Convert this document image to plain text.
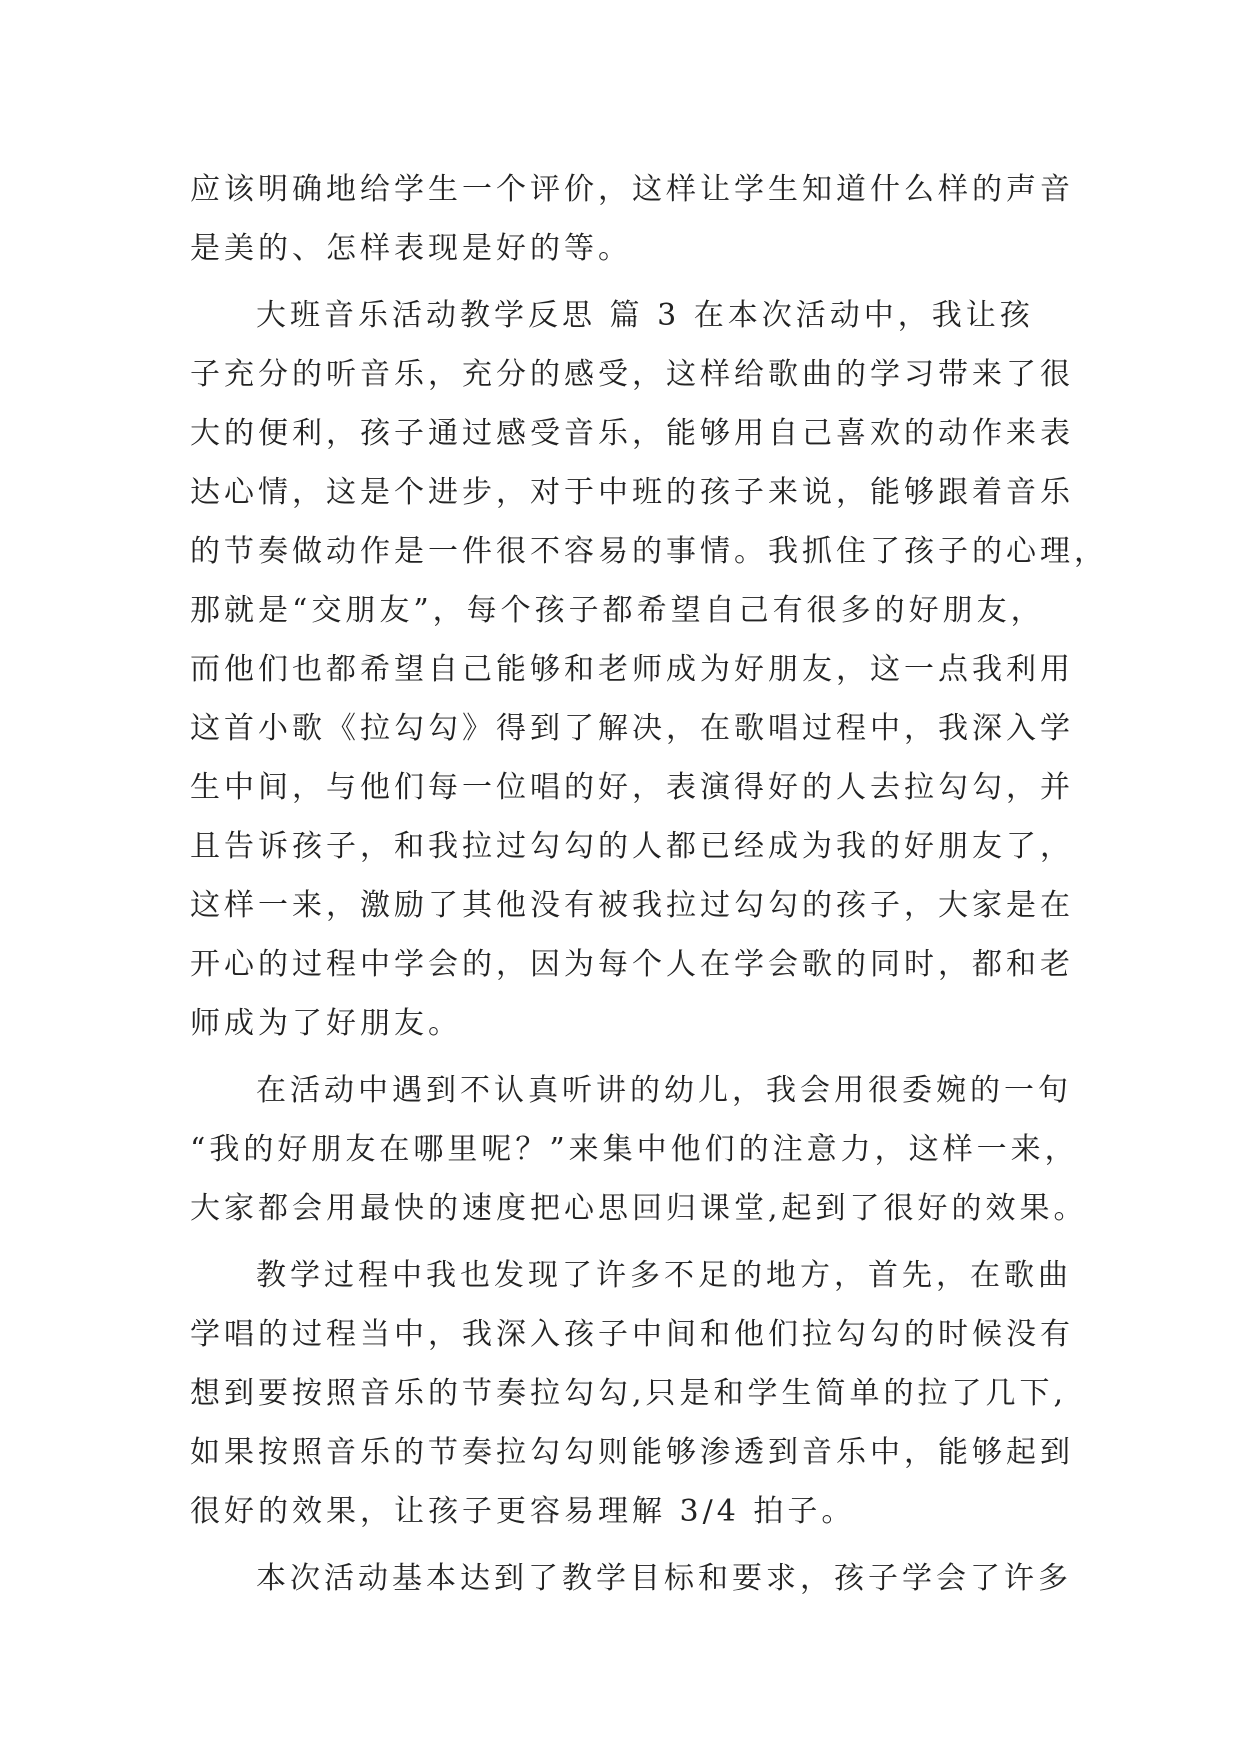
应该明确地给学生一个评价，这样让学生知道什么样的声音
是美的、怎样表现是好的等。
大班音乐活动教学反思 篇 3 在本次活动中，我让孩
子充分的听音乐，充分的感受，这样给歌曲的学习带来了很
大的便利，孩子通过感受音乐，能够用自己喜欢的动作来表
达心情，这是个进步，对于中班的孩子来说，能够跟着音乐
的节奏做动作是一件很不容易的事情。我抓住了孩子的心理，
那就是“交朋友”，每个孩子都希望自己有很多的好朋友，
而他们也都希望自己能够和老师成为好朋友，这一点我利用
这首小歌《拉勾勾》得到了解决，在歌唱过程中，我深入学
生中间，与他们每一位唱的好，表演得好的人去拉勾勾，并
且告诉孩子，和我拉过勾勾的人都已经成为我的好朋友了，
这样一来，激励了其他没有被我拉过勾勾的孩子，大家是在
开心的过程中学会的，因为每个人在学会歌的同时，都和老
师成为了好朋友。
在活动中遇到不认真听讲的幼儿，我会用很委婉的一句
“我的好朋友在哪里呢？”来集中他们的注意力，这样一来，
大家都会用最快的速度把心思回归课堂,起到了很好的效果。
教学过程中我也发现了许多不足的地方，首先，在歌曲
学唱的过程当中，我深入孩子中间和他们拉勾勾的时候没有
想到要按照音乐的节奏拉勾勾,只是和学生简单的拉了几下,
如果按照音乐的节奏拉勾勾则能够渗透到音乐中，能够起到
很好的效果，让孩子更容易理解 3/4 拍子。
本次活动基本达到了教学目标和要求，孩子学会了许多
